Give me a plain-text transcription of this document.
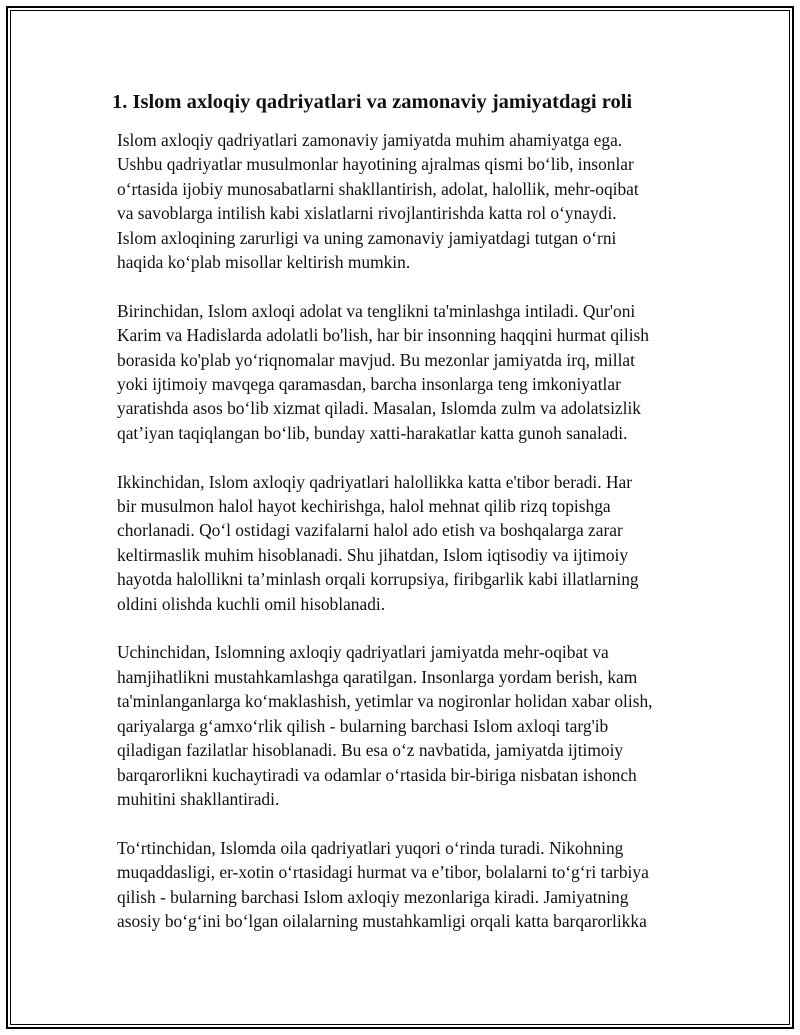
1. Islom axloqiy qadriyatlari va zamonaviy jamiyatdagi roli
Islom axloqiy qadriyatlari zamonaviy jamiyatda muhim ahamiyatga ega.
Ushbu qadriyatlar musulmonlar hayotining ajralmas qismi bo‘lib, insonlar
o‘rtasida ijobiy munosabatlarni shakllantirish, adolat, halollik, mehr-oqibat
va savoblarga intilish kabi xislatlarni rivojlantirishda katta rol o‘ynaydi.
Islom axloqining zarurligi va uning zamonaviy jamiyatdagi tutgan o‘rni
haqida ko‘plab misollar keltirish mumkin.
Birinchidan, Islom axloqi adolat va tenglikni ta'minlashga intiladi. Qur'oni
Karim va Hadislarda adolatli bo'lish, har bir insonning haqqini hurmat qilish
borasida ko'plab yo‘riqnomalar mavjud. Bu mezonlar jamiyatda irq, millat
yoki ijtimoiy mavqega qaramasdan, barcha insonlarga teng imkoniyatlar
yaratishda asos bo‘lib xizmat qiladi. Masalan, Islomda zulm va adolatsizlik
qat’iyan taqiqlangan bo‘lib, bunday xatti-harakatlar katta gunoh sanaladi.
Ikkinchidan, Islom axloqiy qadriyatlari halollikka katta e'tibor beradi. Har
bir musulmon halol hayot kechirishga, halol mehnat qilib rizq topishga
chorlanadi. Qo‘l ostidagi vazifalarni halol ado etish va boshqalarga zarar
keltirmaslik muhim hisoblanadi. Shu jihatdan, Islom iqtisodiy va ijtimoiy
hayotda halollikni ta’minlash orqali korrupsiya, firibgarlik kabi illatlarning
oldini olishda kuchli omil hisoblanadi.
Uchinchidan, Islomning axloqiy qadriyatlari jamiyatda mehr-oqibat va
hamjihatlikni mustahkamlashga qaratilgan. Insonlarga yordam berish, kam
ta'minlanganlarga ko‘maklashish, yetimlar va nogironlar holidan xabar olish,
qariyalarga g‘amxo‘rlik qilish - bularning barchasi Islom axloqi targ'ib
qiladigan fazilatlar hisoblanadi. Bu esa o‘z navbatida, jamiyatda ijtimoiy
barqarorlikni kuchaytiradi va odamlar o‘rtasida bir-biriga nisbatan ishonch
muhitini shakllantiradi.
To‘rtinchidan, Islomda oila qadriyatlari yuqori o‘rinda turadi. Nikohning
muqaddasligi, er-xotin o‘rtasidagi hurmat va e’tibor, bolalarni to‘g‘ri tarbiya
qilish - bularning barchasi Islom axloqiy mezonlariga kiradi. Jamiyatning
asosiy bo‘g‘ini bo‘lgan oilalarning mustahkamligi orqali katta barqarorlikka
